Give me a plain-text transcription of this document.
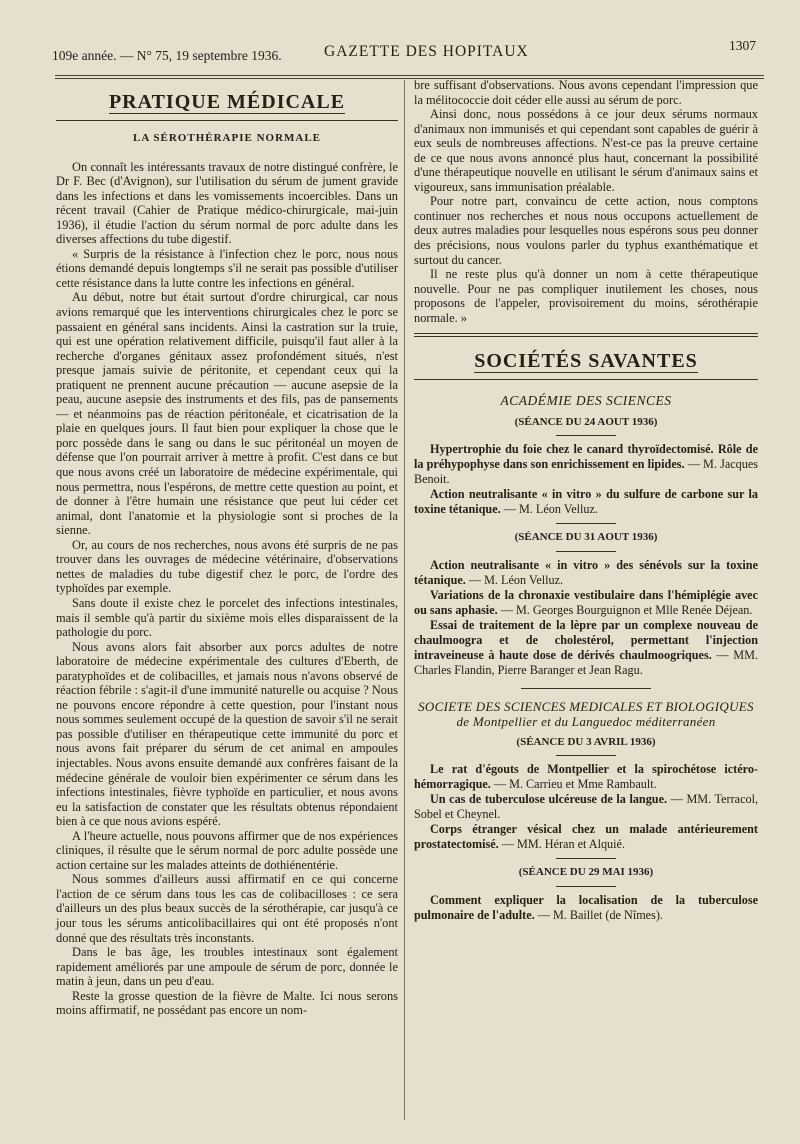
109e année. — N° 75, 19 septembre 1936.	GAZETTE DES HOPITAUX	1307
PRATIQUE MÉDICALE
LA SÉROTHÉRAPIE NORMALE

On connaît les intéressants travaux de notre distingué confrère, le Dr F. Bec (d'Avignon), sur l'utilisation du sérum de jument gravide dans les infections et dans les vomissements incoercibles. Dans un récent travail (Cahier de Pratique médico-chirurgicale, mai-juin 1936), il étudie l'action du sérum normal de porc adulte dans les diverses affections du tube digestif.

« Surpris de la résistance à l'infection chez le porc, nous nous étions demandé depuis longtemps s'il ne serait pas possible d'utiliser cette résistance dans la lutte contre les infections en général.

Au début, notre but était surtout d'ordre chirurgical, car nous avions remarqué que les interventions chirurgicales chez le porc se passaient en général sans incidents. Ainsi la castration sur la truie, qui est une opération relativement difficile, puisqu'il faut aller à la recherche d'organes génitaux assez profondément situés, n'est presque jamais suivie de péritonite, et cependant ceux qui la pratiquent ne prennent aucune précaution — aucune asepsie de la peau, aucune asepsie des instruments et des fils, pas de pansements — et néanmoins pas de réaction péritonéale, et cicatrisation de la plaie en quelques jours. Il faut bien pour expliquer la chose que le porc possède dans le sang ou dans le suc péritonéal un moyen de défense que l'on pourrait arriver à mettre à profit. C'est dans ce but que nous avons créé un laboratoire de médecine expérimentale, qui nous permettra, nous l'espérons, de mettre cette question au point, et de donner à l'être humain une résistance que peut lui céder cet animal, dont l'anatomie et la physiologie sont si proches de la sienne.

Or, au cours de nos recherches, nous avons été surpris de ne pas trouver dans les ouvrages de médecine vétérinaire, d'observations nettes de maladies du tube digestif chez le porc, de l'ordre des typhoïdes par exemple.

Sans doute il existe chez le porcelet des infections intestinales, mais il semble qu'à partir du sixième mois elles disparaissent de la pathologie du porc.

Nous avons alors fait absorber aux porcs adultes de notre laboratoire de médecine expérimentale des cultures d'Eberth, de paratyphoïdes et de colibacilles, et jamais nous n'avons observé de réaction fébrile : s'agit-il d'une immunité naturelle ou acquise ? Nous ne pouvons encore répondre à cette question, pour l'instant nous nous sommes seulement occupé de la question de savoir s'il ne serait pas possible d'utiliser en thérapeutique cette immunité du porc et nous avons fait préparer du sérum de cet animal en ampoules injectables. Nous avons ensuite demandé aux confrères faisant de la médecine générale de vouloir bien expérimenter ce sérum dans les infections intestinales, fièvre typhoïde en particulier, et nous avons eu la satisfaction de constater que les résultats obtenus répondaient bien à ce que nous avions espéré.

A l'heure actuelle, nous pouvons affirmer que de nos expériences cliniques, il résulte que le sérum normal de porc adulte possède une action certaine sur les malades atteints de dothiénentérie.

Nous sommes d'ailleurs aussi affirmatif en ce qui concerne l'action de ce sérum dans tous les cas de colibacilloses : ce sera d'ailleurs un des plus beaux succès de la sérothérapie, car jusqu'à ce jour tous les sérums anticolibacillaires qui ont été proposés n'ont donné que des résultats très inconstants.

Dans le bas âge, les troubles intestinaux sont également rapidement améliorés par une ampoule de sérum de porc, donnée le matin à jeun, dans un peu d'eau.

Reste la grosse question de la fièvre de Malte. Ici nous serons moins affirmatif, ne possédant pas encore un nom-

bre suffisant d'observations. Nous avons cependant l'impression que la mélitococcie doit céder elle aussi au sérum de porc.

Ainsi donc, nous possédons à ce jour deux sérums normaux d'animaux non immunisés et qui cependant sont capables de guérir à eux seuls de nombreuses affections. N'est-ce pas la preuve certaine de ce que nous avons annoncé plus haut, concernant la possibilité d'une thérapeutique nouvelle en utilisant le sérum d'animaux sains et vigoureux, sans immunisation préalable.

Pour notre part, convaincu de cette action, nous comptons continuer nos recherches et nous nous occupons actuellement de deux autres maladies pour lesquelles nous espérons sous peu donner des précisions, nous voulons parler du typhus exanthématique et surtout du cancer.

Il ne reste plus qu'à donner un nom à cette thérapeutique nouvelle. Pour ne pas compliquer inutilement les choses, nous proposons de l'appeler, provisoirement du moins, sérothérapie normale. »

SOCIÉTÉS SAVANTES
ACADÉMIE DES SCIENCES
(SÉANCE DU 24 AOUT 1936)

Hypertrophie du foie chez le canard thyroïdectomisé. Rôle de la préhypophyse dans son enrichissement en lipides. — M. Jacques Benoit.

Action neutralisante « in vitro » du sulfure de carbone sur la toxine tétanique. — M. Léon Velluz.

(SÉANCE DU 31 AOUT 1936)

Action neutralisante « in vitro » des sénévols sur la toxine tétanique. — M. Léon Velluz.

Variations de la chronaxie vestibulaire dans l'hémiplégie avec ou sans aphasie. — M. Georges Bourguignon et Mlle Renée Déjean.

Essai de traitement de la lèpre par un complexe nouveau de chaulmoogra et de cholestérol, permettant l'injection intraveineuse à haute dose de dérivés chaulmoogriques. — MM. Charles Flandin, Pierre Baranger et Jean Ragu.

SOCIETE DES SCIENCES MEDICALES ET BIOLOGIQUES
de Montpellier et du Languedoc méditerranéen
(SÉANCE DU 3 AVRIL 1936)

Le rat d'égouts de Montpellier et la spirochétose ictéro-hémorragique. — M. Carrieu et Mme Rambault.

Un cas de tuberculose ulcéreuse de la langue. — MM. Terracol, Sobel et Cheynel.

Corps étranger vésical chez un malade antérieurement prostatectomisé. — MM. Héran et Alquié.

(SÉANCE DU 29 MAI 1936)

Comment expliquer la localisation de la tuberculose pulmonaire de l'adulte. — M. Baillet (de Nîmes).
